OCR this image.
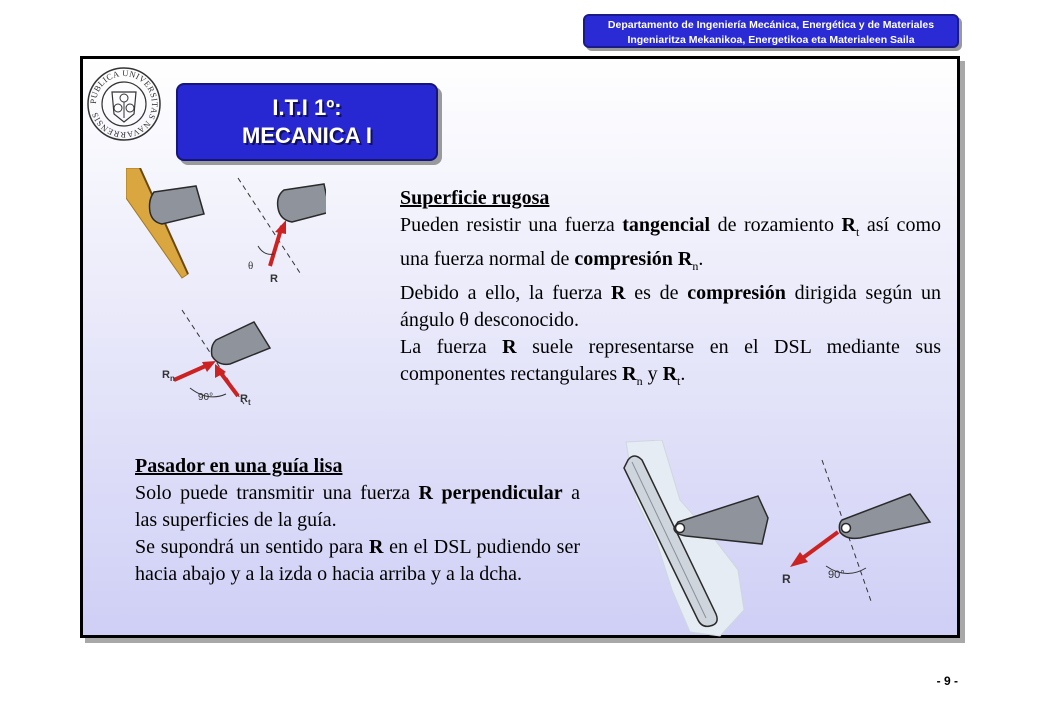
Departamento de Ingeniería Mecánica, Energética y de Materiales
Ingeniaritza Mekanikoa, Energetikoa eta Materialeen Saila
PUBLICA UNIVERSITAS NAVARRENSIS	I.T.I 1º:
MECANICA I
θ
R
$R_n$
$R_t$
90°

Superficie rugosa

Pueden resistir una fuerza tangencial de rozamiento $R_t$ así como una fuerza normal de compresión $R_n$.

Debido a ello, la fuerza R es de compresión dirigida según un ángulo θ desconocido.

La fuerza R suele representarse en el DSL mediante sus componentes rectangulares $R_n$ y $R_t$.

Pasador en una guía lisa

Solo puede transmitir una fuerza R perpendicular a las superficies de la guía.

Se supondrá un sentido para R en el DSL pudiendo ser hacia abajo y a la izda o hacia arriba y a la dcha.	R	90°
- 9 -
